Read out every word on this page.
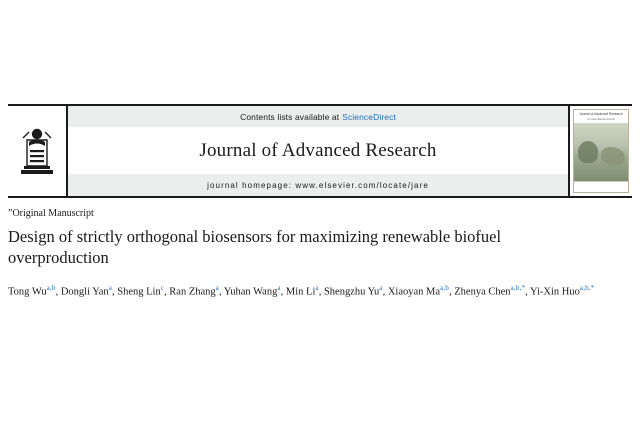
Contents lists available at ScienceDirect
Journal of Advanced Research
journal homepage: www.elsevier.com/locate/jare
Journal of Advanced Research
An International Journal
”Original Manuscript
Design of strictly orthogonal biosensors for maximizing renewable biofuel overproduction
Tong Wu$^{a,b}$, Dongli Yan$^a$, Sheng Lin$^c$, Ran Zhang$^a$, Yuhan Wang$^a$, Min Li$^a$, Shengzhu Yu$^a$, Xiaoyan Ma$^{a,b}$, Zhenya Chen$^{a,b,*}$, Yi-Xin Huo$^{a,b,*}$
